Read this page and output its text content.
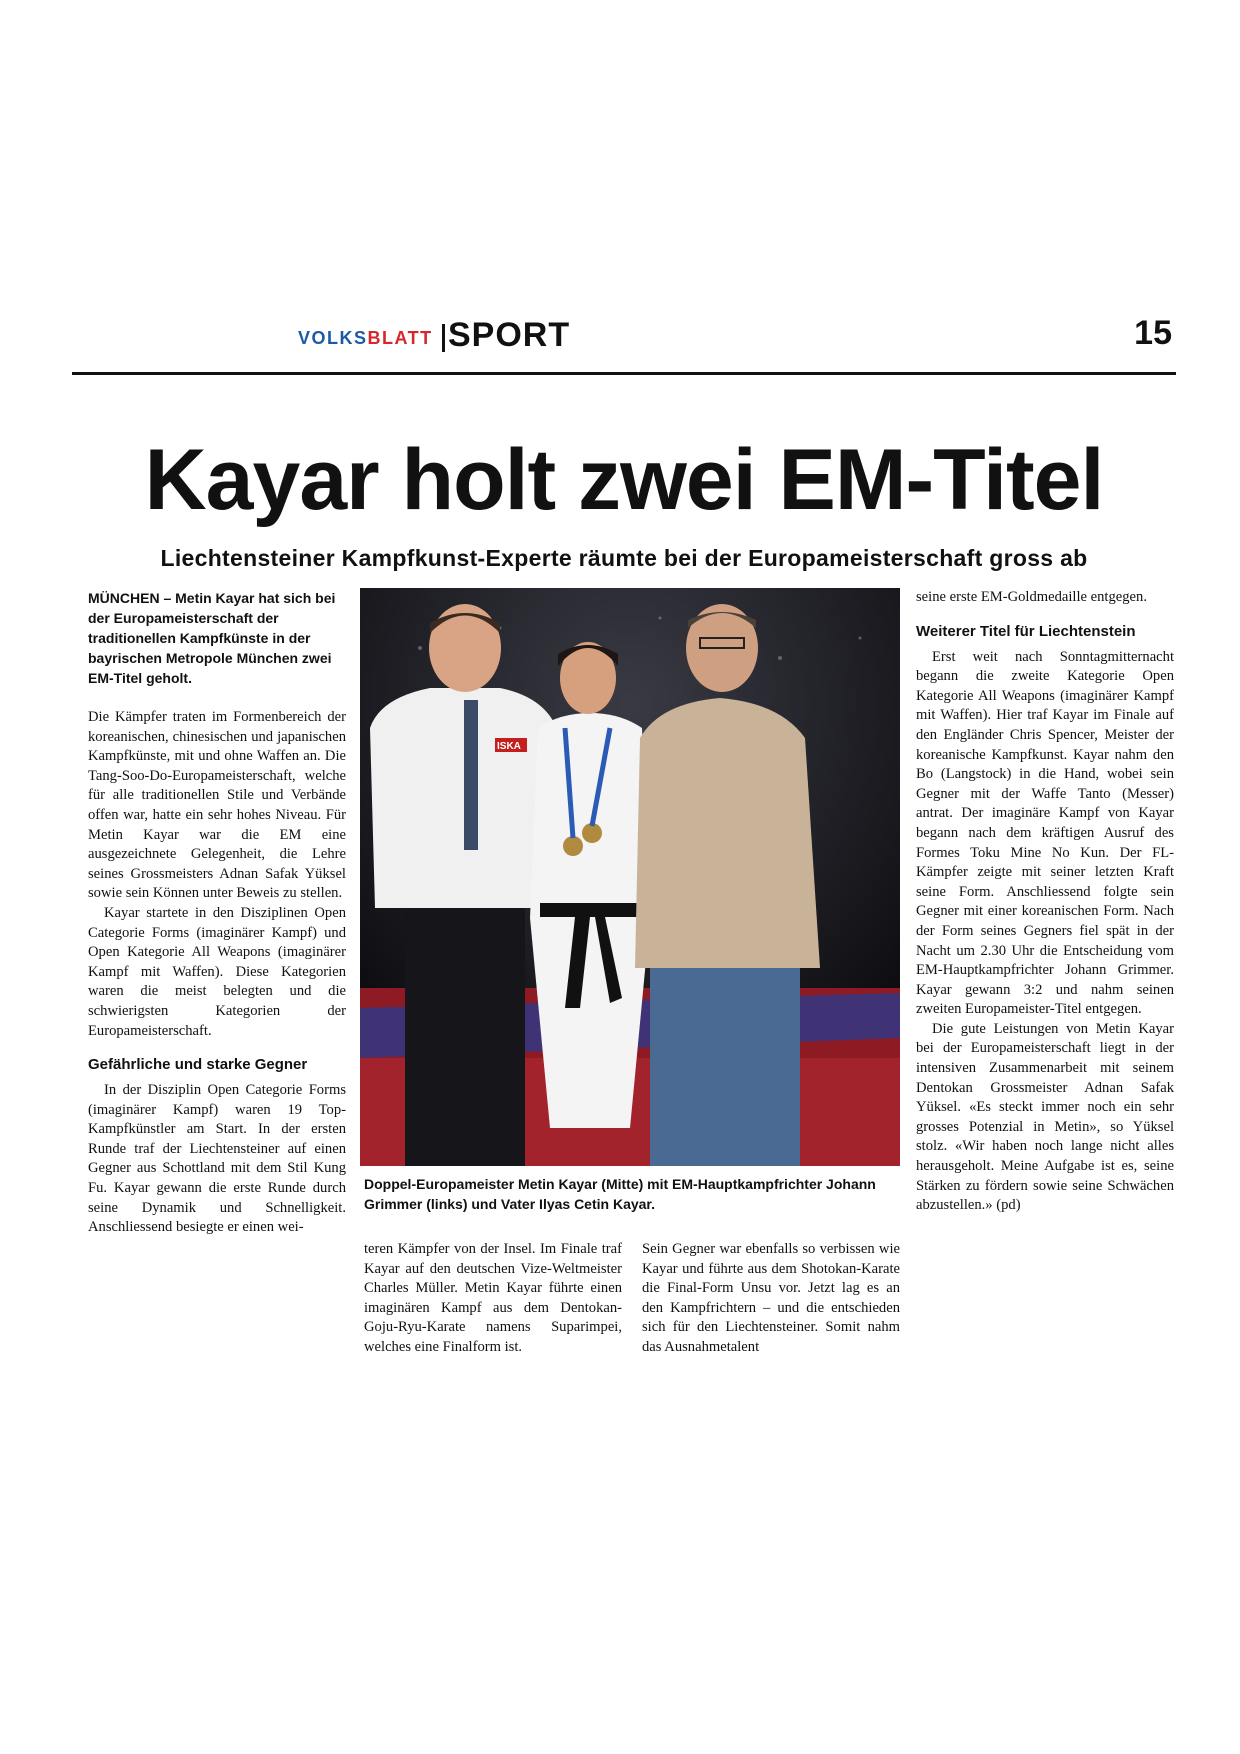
VOLKSBLATT SPORT	15
Kayar holt zwei EM-Titel
Liechtensteiner Kampfkunst-Experte räumte bei der Europameisterschaft gross ab

MÜNCHEN – Metin Kayar hat sich bei der Europameisterschaft der traditionellen Kampfkünste in der bayrischen Metropole München zwei EM-Titel geholt.

Die Kämpfer traten im Formenbereich der koreanischen, chinesischen und japanischen Kampfkünste, mit und ohne Waffen an. Die Tang-Soo-Do-Europameisterschaft, welche für alle traditionellen Stile und Verbände offen war, hatte ein sehr hohes Niveau. Für Metin Kayar war die EM eine ausgezeichnete Gelegenheit, die Lehre seines Grossmeisters Adnan Safak Yüksel sowie sein Können unter Beweis zu stellen.

Kayar startete in den Disziplinen Open Categorie Forms (imaginärer Kampf) und Open Kategorie All Weapons (imaginärer Kampf mit Waffen). Diese Kategorien waren die meist belegten und die schwierigsten Kategorien der Europameisterschaft.

Gefährliche und starke Gegner

In der Disziplin Open Categorie Forms (imaginärer Kampf) waren 19 Top-Kampfkünstler am Start. In der ersten Runde traf der Liechtensteiner auf einen Gegner aus Schottland mit dem Stil Kung Fu. Kayar gewann die erste Runde durch seine Dynamik und Schnelligkeit. Anschliessend besiegte er einen wei-

ISKA
Doppel-Europameister Metin Kayar (Mitte) mit EM-Hauptkampfrichter Johann Grimmer (links) und Vater Ilyas Cetin Kayar.

teren Kämpfer von der Insel. Im Finale traf Kayar auf den deutschen Vize-Weltmeister Charles Müller. Metin Kayar führte einen imaginären Kampf aus dem Dentokan-Goju-Ryu-Karate namens Suparimpei, welches eine Finalform ist.

Sein Gegner war ebenfalls so verbissen wie Kayar und führte aus dem Shotokan-Karate die Final-Form Unsu vor. Jetzt lag es an den Kampfrichtern – und die entschieden sich für den Liechtensteiner. Somit nahm das Ausnahmetalent

seine erste EM-Goldmedaille entgegen.

Weiterer Titel für Liechtenstein

Erst weit nach Sonntagmitternacht begann die zweite Kategorie Open Kategorie All Weapons (imaginärer Kampf mit Waffen). Hier traf Kayar im Finale auf den Engländer Chris Spencer, Meister der koreanische Kampfkunst. Kayar nahm den Bo (Langstock) in die Hand, wobei sein Gegner mit der Waffe Tanto (Messer) antrat. Der imaginäre Kampf von Kayar begann nach dem kräftigen Ausruf des Formes Toku Mine No Kun. Der FL-Kämpfer zeigte mit seiner letzten Kraft seine Form. Anschliessend folgte sein Gegner mit einer koreanischen Form. Nach der Form seines Gegners fiel spät in der Nacht um 2.30 Uhr die Entscheidung vom EM-Hauptkampfrichter Johann Grimmer. Kayar gewann 3:2 und nahm seinen zweiten Europameister-Titel entgegen.

Die gute Leistungen von Metin Kayar bei der Europameisterschaft liegt in der intensiven Zusammenarbeit mit seinem Dentokan Grossmeister Adnan Safak Yüksel. «Es steckt immer noch ein sehr grosses Potenzial in Metin», so Yüksel stolz. «Wir haben noch lange nicht alles herausgeholt. Meine Aufgabe ist es, seine Stärken zu fördern sowie seine Schwächen abzustellen.» (pd)
